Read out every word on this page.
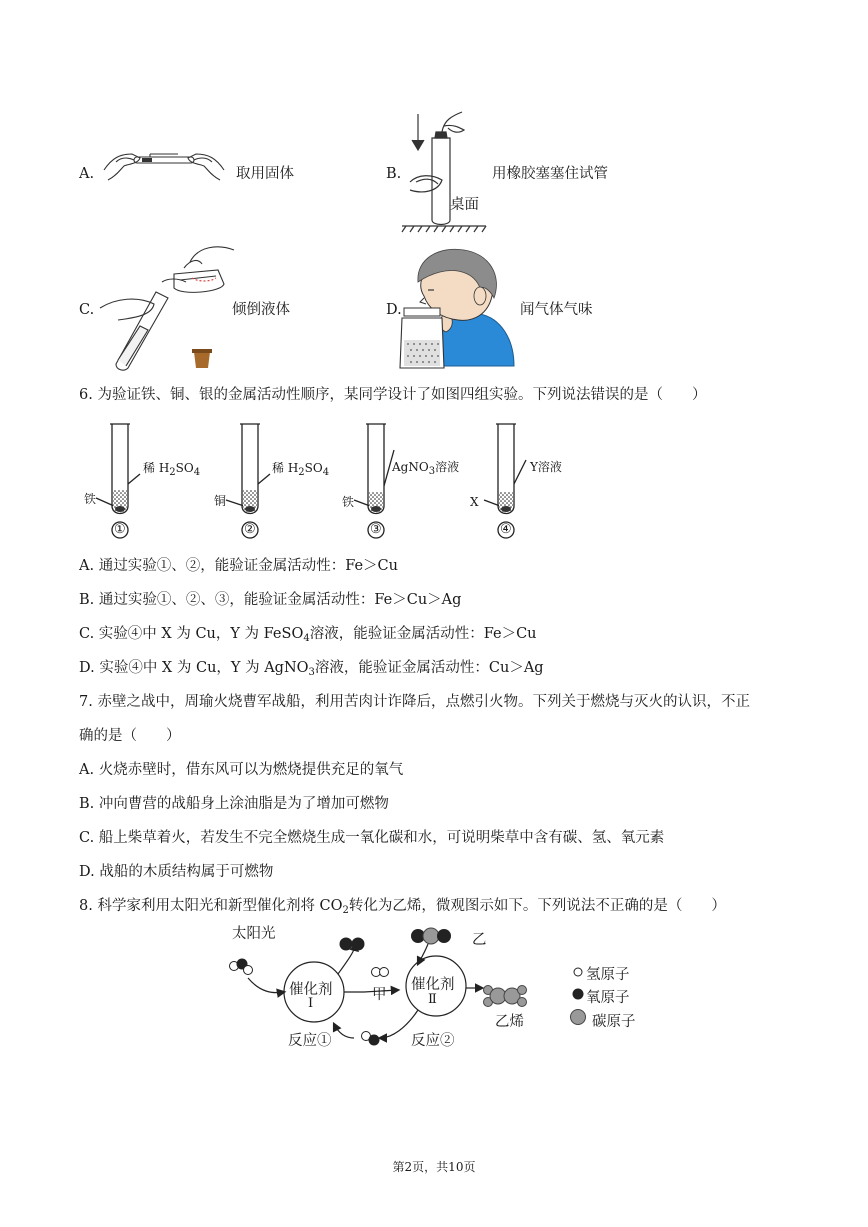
A.	取用固体	B.
桌面
用橡胶塞塞住试管
C.	倾倒液体	D.	闻气体气味
6. 为验证铁、铜、银的金属活动性顺序，某同学设计了如图四组实验。下列说法错误的是（　　）
稀 $H_2SO_4$
铁
①
稀 $H_2SO_4$
铜
②
AgNO$_3$溶液
铁
③
Y溶液
X
④
A. 通过实验①、②，能验证金属活动性：Fe＞Cu
B. 通过实验①、②、③，能验证金属活动性：Fe＞Cu＞Ag
C. 实验④中 X 为 Cu，Y 为 FeSO$_4$溶液，能验证金属活动性：Fe＞Cu
D. 实验④中 X 为 Cu，Y 为 AgNO$_3$溶液，能验证金属活动性：Cu＞Ag
7. 赤壁之战中，周瑜火烧曹军战船，利用苦肉计诈降后，点燃引火物。下列关于燃烧与灭火的认识，不正
确的是（　　）
A. 火烧赤壁时，借东风可以为燃烧提供充足的氧气
B. 冲向曹营的战船身上涂油脂是为了增加可燃物
C. 船上柴草着火，若发生不完全燃烧生成一氧化碳和水，可说明柴草中含有碳、氢、氧元素
D. 战船的木质结构属于可燃物
8. 科学家利用太阳光和新型催化剂将 $CO_2$转化为乙烯，微观图示如下。下列说法不正确的是（　　）
太阳光
催化剂
Ⅰ
催化剂
Ⅱ
甲
乙
乙烯
反应①	反应②
氢原子
氧原子
碳原子
第2页，共10页
